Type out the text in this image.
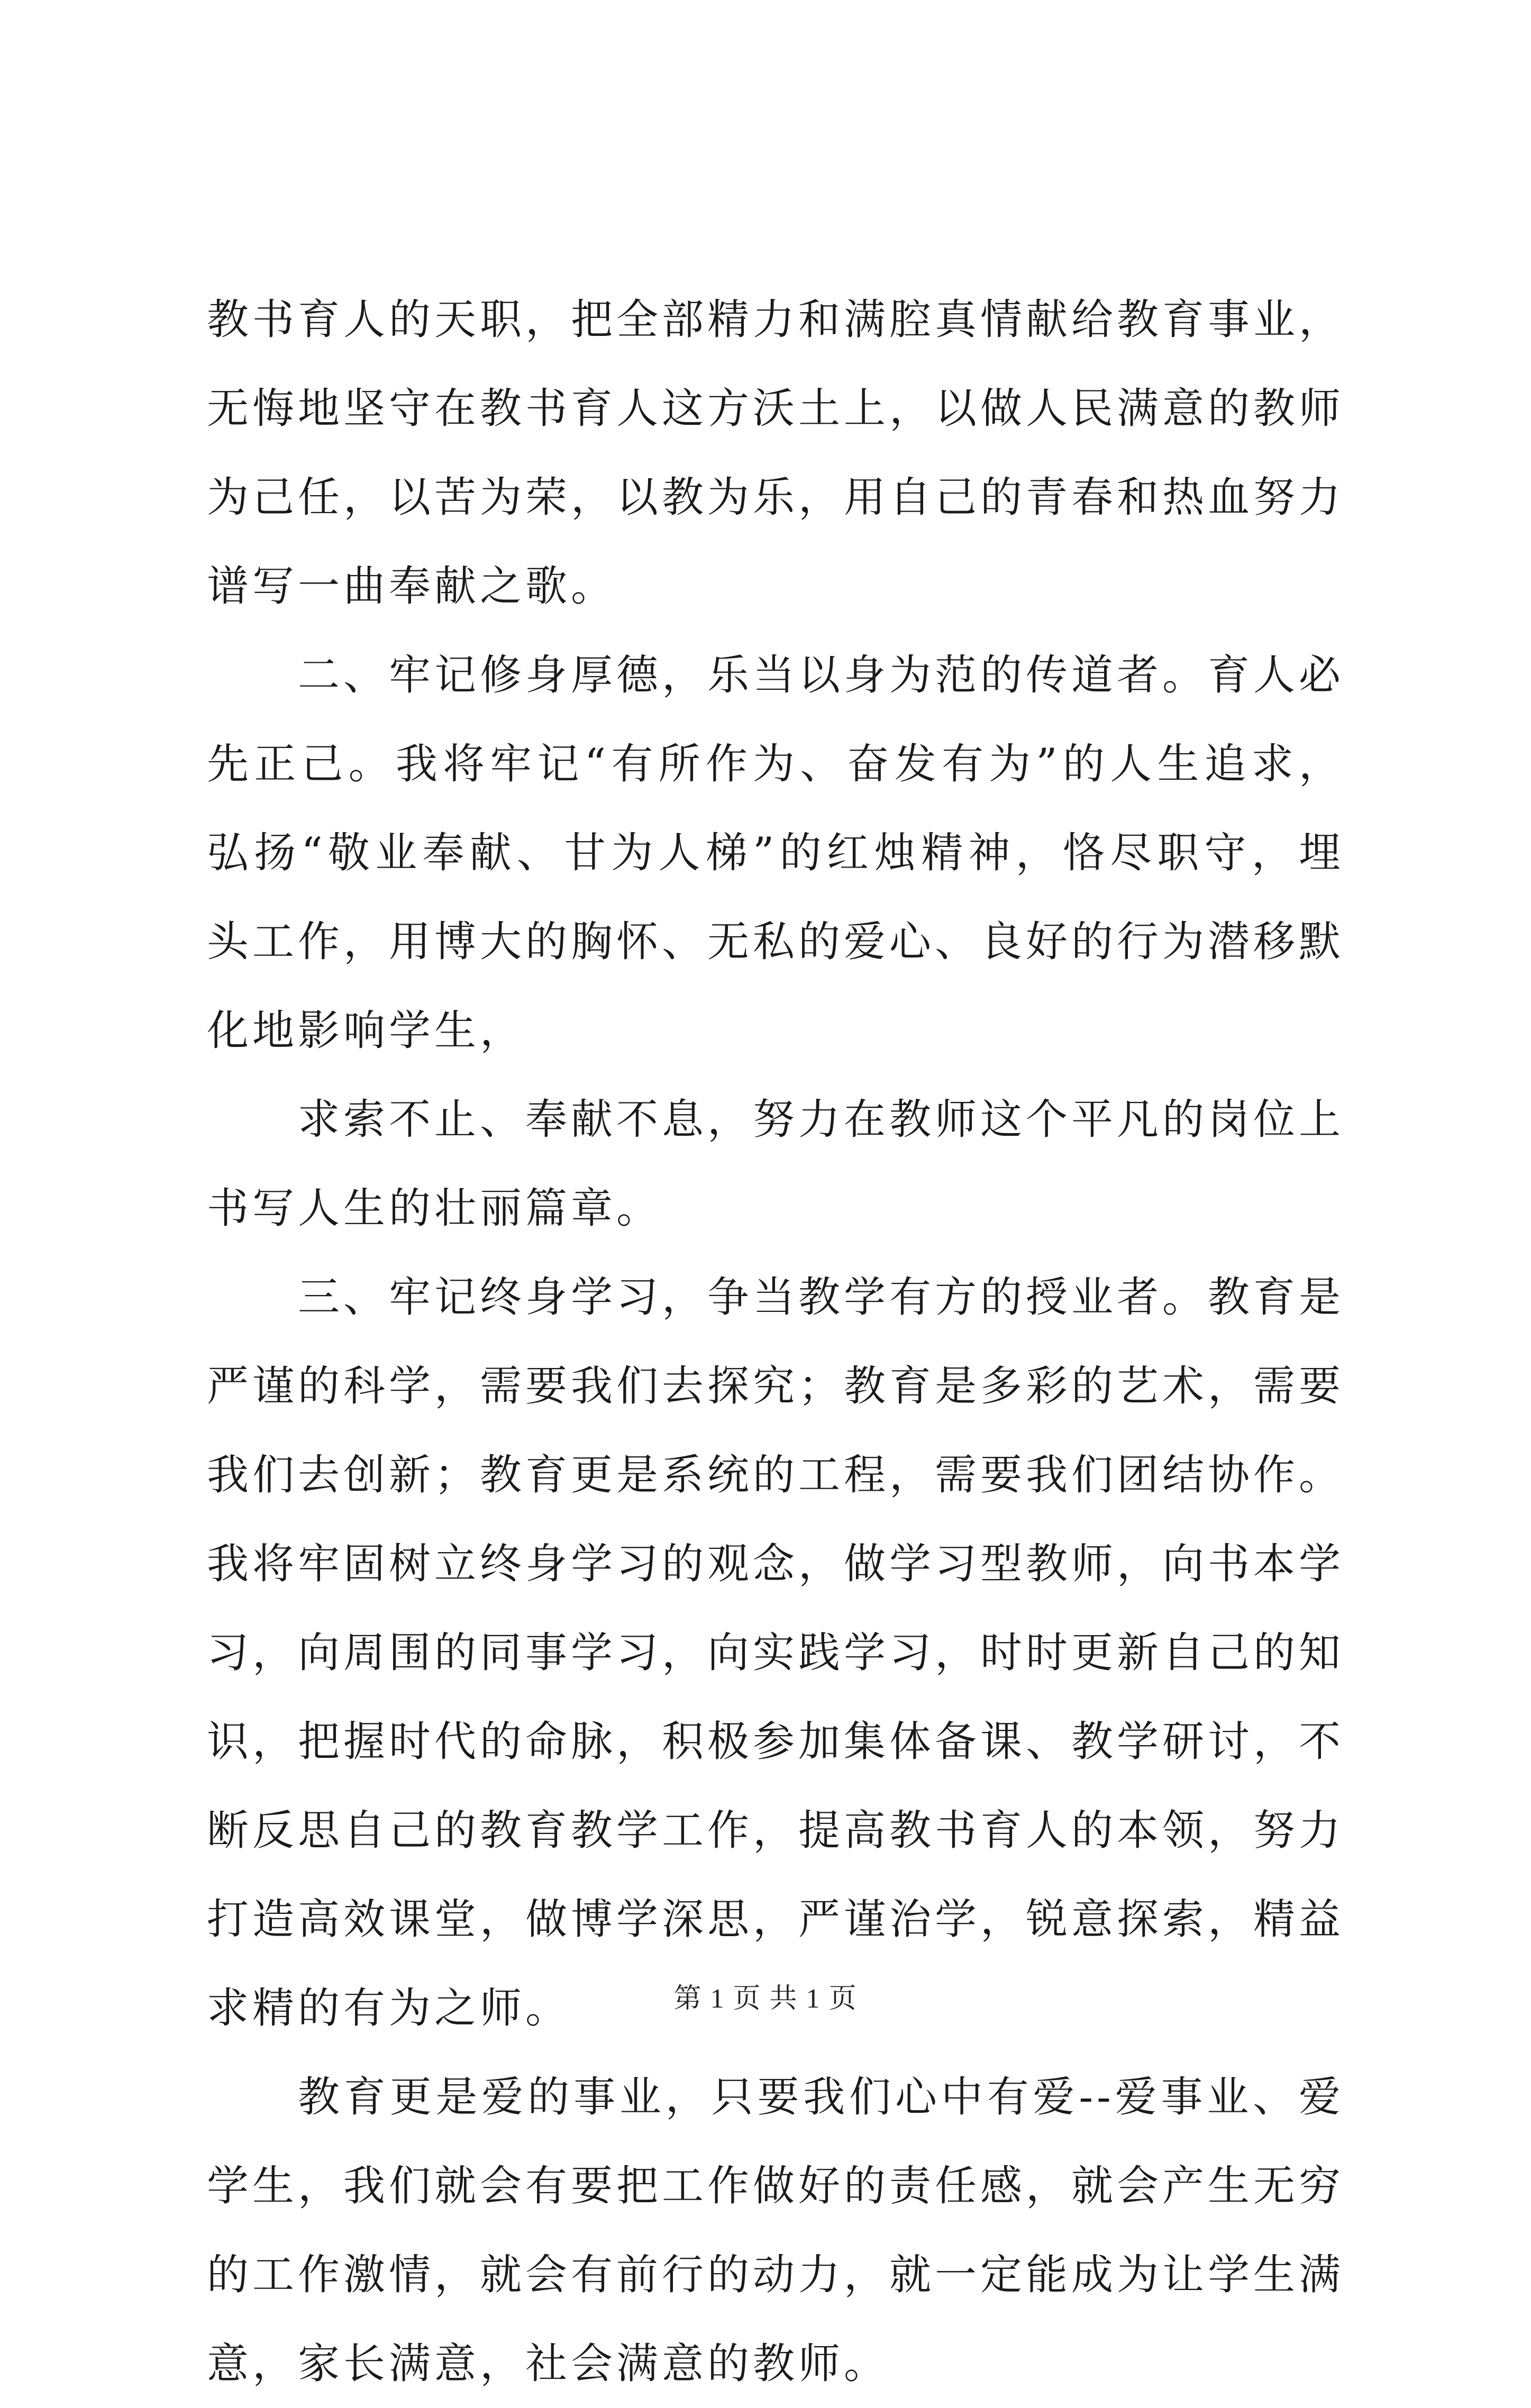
教书育人的天职，把全部精力和满腔真情献给教育事业，无悔地坚守在教书育人这方沃土上，以做人民满意的教师为己任，以苦为荣，以教为乐，用自己的青春和热血努力谱写一曲奉献之歌。

二、牢记修身厚德，乐当以身为范的传道者。育人必先正己。我将牢记“有所作为、奋发有为”的人生追求，弘扬“敬业奉献、甘为人梯”的红烛精神，恪尽职守，埋头工作，用博大的胸怀、无私的爱心、良好的行为潜移默化地影响学生，

求索不止、奉献不息，努力在教师这个平凡的岗位上书写人生的壮丽篇章。

三、牢记终身学习，争当教学有方的授业者。教育是严谨的科学，需要我们去探究；教育是多彩的艺术，需要我们去创新；教育更是系统的工程，需要我们团结协作。我将牢固树立终身学习的观念，做学习型教师，向书本学习，向周围的同事学习，向实践学习，时时更新自己的知识，把握时代的命脉，积极参加集体备课、教学研讨，不断反思自己的教育教学工作，提高教书育人的本领，努力打造高效课堂，做博学深思，严谨治学，锐意探索，精益求精的有为之师。

教育更是爱的事业，只要我们心中有爱--爱事业、爱学生，我们就会有要把工作做好的责任感，就会产生无穷的工作激情，就会有前行的动力，就一定能成为让学生满意，家长满意，社会满意的教师。

第 1 页 共 1 页
